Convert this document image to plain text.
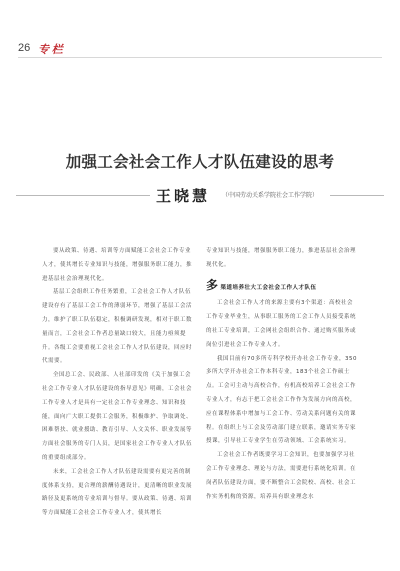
26 专 栏
加强工会社会工作人才队伍建设的思考
王晓慧 （中国劳动关系学院社会工作学院）

要从政策、待遇、培训等方面赋能工会社会工作专业人才，使其增长专业知识与技能，增强服务职工能力，推进基层社会治理现代化。

基层工会组织工作任务繁重，工会社会工作人才队伍建设存有了基层工会工作的薄弱环节，增强了基层工会活力，维护了职工队伍稳定，积极调研发现，相对于职工数量而言，工会社会工作者总量缺口较大，且能力亟须提升。各级工会要重视工会社会工作人才队伍建设，回应时代需要。

全国总工会、民政部、人社部印发的《关于加强工会社会工作专业人才队伍建设的指导意见》明确，工会社会工作专业人才是具有一定社会工作专业理念、知识和技能，面向广大职工提供工会服务，积极维护、争取调处、困难帮扶、就业援助、教育引导、人文关怀、职业发展等方面社会服务的专门人员，是国家社会工作专业人才队伍的重要组成部分。

未来，工会社会工作人才队伍建设需要有更完善的制度体系支持，更合理的薪酬待遇设计，更清晰的职业发展路径及更系统的专业培训与督导。要从政策、待遇、培训等方面赋能工会社会工作专业人才，使其增长

专业知识与技能，增强服务职工能力，推进基层社会治理现代化。

多 渠道培养壮大工会社会工作人才队伍

工会社会工作人才的来源主要有3个渠道：高校社会工作专业毕业生，从事职工服务的工会工作人员接受系统的社工专业培训，工会网社会组织合作、通过购买服务或岗位引进社会工作专业人才。

我国目前有70多所专科学校开办社会工作专业，350多所大学开办社会工作本科专业，183个社会工作硕士点。工会可主动与高校合作，有机高校培养工会社会工作专业人才，有志于把工会社会工作作为发展方向的高校，应在课程体系中增加与工会工作、劳动关系问题有关的课程。在组织上与工会及劳动部门建立联系，邀请实务专家授课，引导社工专业学生在劳动领域、工会系统实习。

工会社会工作者既要学习工会知识，也要加强学习社会工作专业理念、理论与方法，需要进行系统化培训。在岗者队伍建设方面，要不断整合工会院校、高校、社会工作实务机构的资源，培养具有职业理念水
